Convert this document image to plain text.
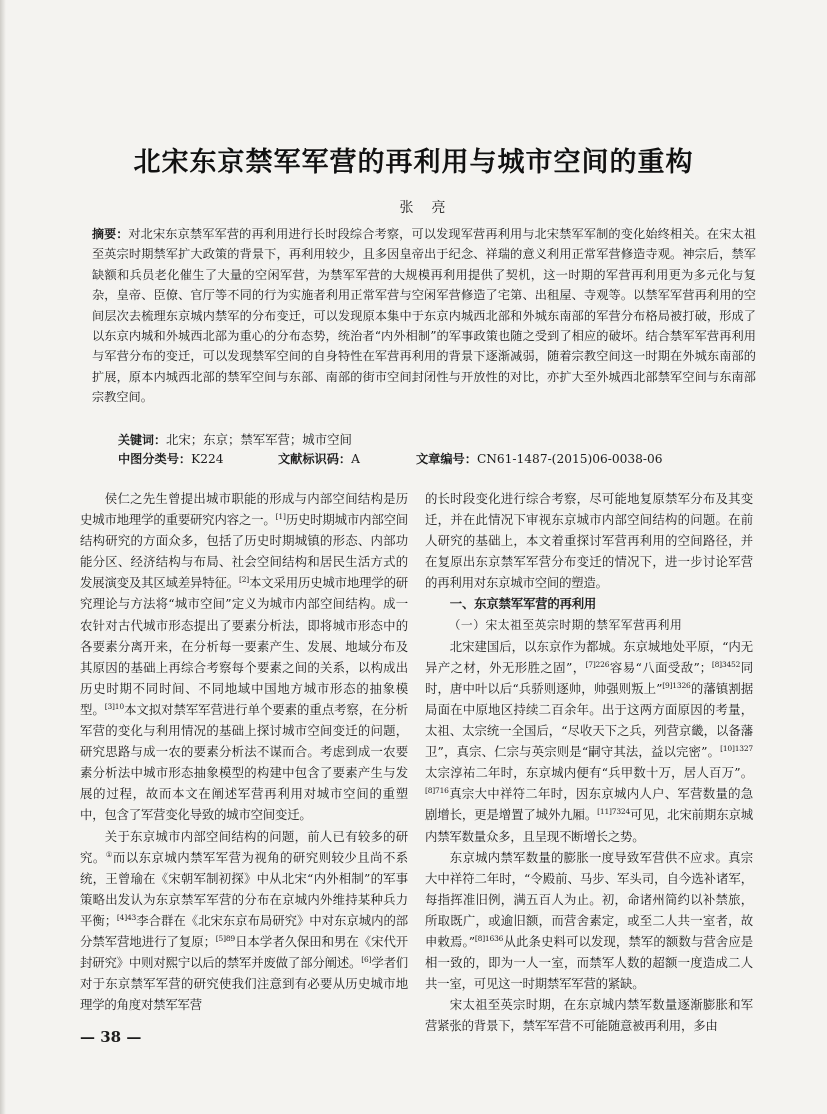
北宋东京禁军军营的再利用与城市空间的重构
张亮
摘要：对北宋东京禁军军营的再利用进行长时段综合考察，可以发现军营再利用与北宋禁军军制的变化始终相关。在宋太祖至英宗时期禁军扩大政策的背景下，再利用较少，且多因皇帝出于纪念、祥瑞的意义利用正常军营修造寺观。神宗后，禁军缺额和兵员老化催生了大量的空闲军营，为禁军军营的大规模再利用提供了契机，这一时期的军营再利用更为多元化与复杂，皇帝、臣僚、官厅等不同的行为实施者利用正常军营与空闲军营修造了宅第、出租屋、寺观等。以禁军军营再利用的空间层次去梳理东京城内禁军的分布变迁，可以发现原本集中于东京内城西北部和外城东南部的军营分布格局被打破，形成了以东京内城和外城西北部为重心的分布态势，统治者“内外相制”的军事政策也随之受到了相应的破坏。结合禁军军营再利用与军营分布的变迁，可以发现禁军空间的自身特性在军营再利用的背景下逐渐减弱，随着宗教空间这一时期在外城东南部的扩展，原本内城西北部的禁军空间与东部、南部的街市空间封闭性与开放性的对比，亦扩大至外城西北部禁军空间与东南部宗教空间。
关键词：北宋；东京；禁军军营；城市空间
中图分类号：K224	文献标识码：A	文章编号：CN61-1487-(2015)06-0038-06

侯仁之先生曾提出城市职能的形成与内部空间结构是历史城市地理学的重要研究内容之一。[1]历史时期城市内部空间结构研究的方面众多，包括了历史时期城镇的形态、内部功能分区、经济结构与布局、社会空间结构和居民生活方式的发展演变及其区域差异特征。[2]本文采用历史城市地理学的研究理论与方法将“城市空间”定义为城市内部空间结构。成一农针对古代城市形态提出了要素分析法，即将城市形态中的各要素分离开来，在分析每一要素产生、发展、地域分布及其原因的基础上再综合考察每个要素之间的关系，以构成出历史时期不同时间、不同地域中国地方城市形态的抽象模型。$^{[3]10}$本文拟对禁军军营进行单个要素的重点考察，在分析军营的变化与利用情况的基础上探讨城市空间变迁的问题，研究思路与成一农的要素分析法不谋而合。考虑到成一农要素分析法中城市形态抽象模型的构建中包含了要素产生与发展的过程，故而本文在阐述军营再利用对城市空间的重塑中，包含了军营变化导致的城市空间变迁。

关于东京城市内部空间结构的问题，前人已有较多的研究。①而以东京城内禁军军营为视角的研究则较少且尚不系统，王曾瑜在《宋朝军制初探》中从北宋“内外相制”的军事策略出发认为东京禁军军营的分布在京城内外维持某种兵力平衡；$^{[4]43}$李合群在《北宋东京布局研究》中对东京城内的部分禁军营地进行了复原；$^{[5]89}$日本学者久保田和男在《宋代开封研究》中则对熙宁以后的禁军并废做了部分阐述。[6]学者们对于东京禁军军营的研究使我们注意到有必要从历史城市地理学的角度对禁军军营

的长时段变化进行综合考察，尽可能地复原禁军分布及其变迁，并在此情况下审视东京城市内部空间结构的问题。在前人研究的基础上，本文着重探讨军营再利用的空间路径，并在复原出东京禁军军营分布变迁的情况下，进一步讨论军营的再利用对东京城市空间的塑造。
一、东京禁军军营的再利用
（一）宋太祖至英宗时期的禁军军营再利用

北宋建国后，以东京作为都城。东京城地处平原，“内无异产之材，外无形胜之固”，$^{[7]226}$容易“八面受敌”；$^{[8]3452}$同时，唐中叶以后“兵骄则逐帅，帅强则叛上”$^{[9]1326}$的藩镇割据局面在中原地区持续二百余年。出于这两方面原因的考量，太祖、太宗统一全国后，“尽收天下之兵，列营京畿，以备藩卫”，真宗、仁宗与英宗则是“嗣守其法，益以完密”。$^{[10]1327}$太宗淳祐二年时，东京城内便有“兵甲数十万，居人百万”。$^{[8]716}$真宗大中祥符二年时，因东京城内人户、军营数量的急剧增长，更是增置了城外九厢。$^{[11]7324}$可见，北宋前期东京城内禁军数量众多，且呈现不断增长之势。

东京城内禁军数量的膨胀一度导致军营供不应求。真宗大中祥符二年时，“令殿前、马步、军头司，自今选补诸军，每指挥准旧例，满五百人为止。初，命诸州简约以补禁旅，所取既广，或逾旧额，而营舍素定，或至二人共一室者，故申敕焉。”$^{[8]1636}$从此条史料可以发现，禁军的额数与营舍应是相一致的，即为一人一室，而禁军人数的超额一度造成二人共一室，可见这一时期禁军军营的紧缺。

宋太祖至英宗时期，在东京城内禁军数量逐渐膨胀和军营紧张的背景下，禁军军营不可能随意被再利用，多由

— 38 —
